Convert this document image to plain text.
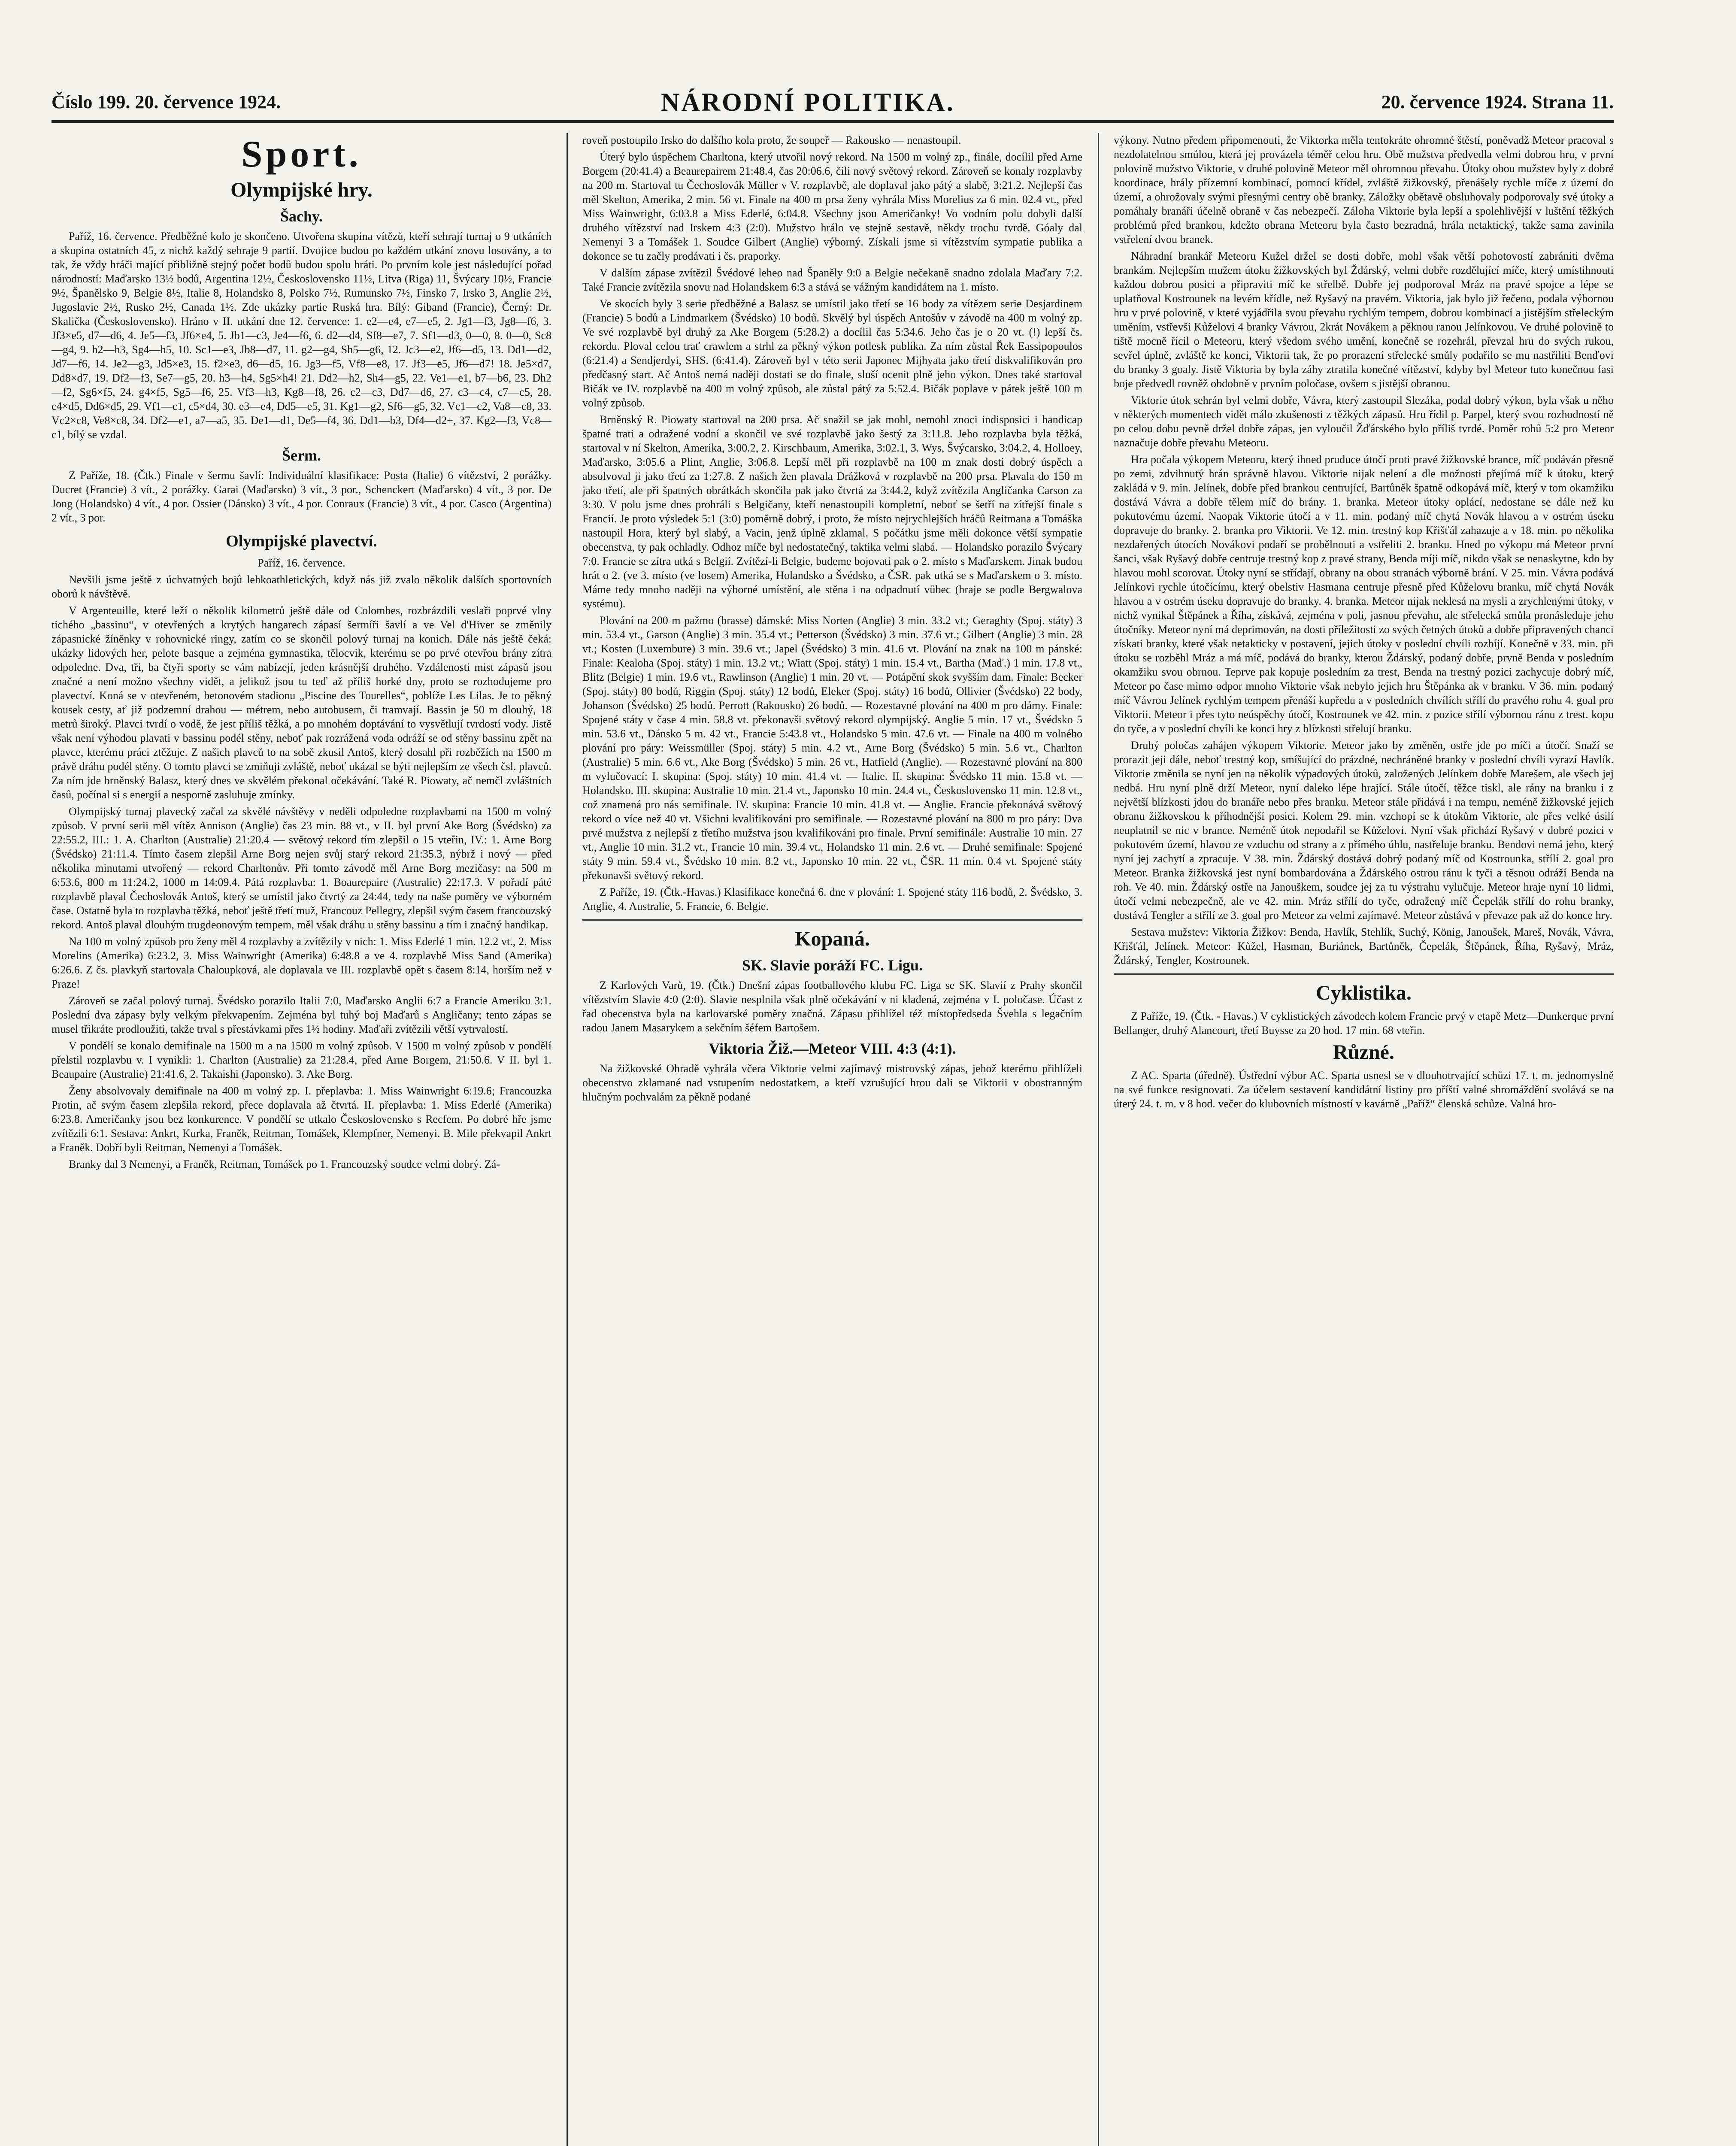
Číslo 199. 20. července 1924.	NÁRODNÍ POLITIKA.	20. července 1924. Strana 11.
Sport.
Olympijské hry.
Šachy.

Paříž, 16. července. Předběžné kolo je skončeno. Utvořena skupina vítězů, kteří sehrají turnaj o 9 utkáních a skupina ostatních 45, z nichž každý sehraje 9 partií. Dvojice budou po každém utkání znovu losovány, a to tak, že vždy hráči mající přibližně stejný počet bodů budou spolu hráti. Po prvním kole jest následující pořad národností: Maďarsko 13½ bodů, Argentina 12½, Československo 11½, Litva (Riga) 11, Švýcary 10½, Francie 9½, Španělsko 9, Belgie 8½, Italie 8, Holandsko 8, Polsko 7½, Rumunsko 7½, Finsko 7, Irsko 3, Anglie 2½, Jugoslavie 2½, Rusko 2½, Canada 1½. Zde ukázky partie Ruská hra. Bílý: Giband (Francie), Černý: Dr. Skalička (Československo). Hráno v II. utkání dne 12. července: 1. e2—e4, e7—e5, 2. Jg1—f3, Jg8—f6, 3. Jf3×e5, d7—d6, 4. Je5—f3, Jf6×e4, 5. Jb1—c3, Je4—f6, 6. d2—d4, Sf8—e7, 7. Sf1—d3, 0—0, 8. 0—0, Sc8—g4, 9. h2—h3, Sg4—h5, 10. Sc1—e3, Jb8—d7, 11. g2—g4, Sh5—g6, 12. Jc3—e2, Jf6—d5, 13. Dd1—d2, Jd7—f6, 14. Je2—g3, Jd5×e3, 15. f2×e3, d6—d5, 16. Jg3—f5, Vf8—e8, 17. Jf3—e5, Jf6—d7! 18. Je5×d7, Dd8×d7, 19. Df2—f3, Se7—g5, 20. h3—h4, Sg5×h4! 21. Dd2—h2, Sh4—g5, 22. Ve1—e1, b7—b6, 23. Dh2—f2, Sg6×f5, 24. g4×f5, Sg5—f6, 25. Vf3—h3, Kg8—f8, 26. c2—c3, Dd7—d6, 27. c3—c4, c7—c5, 28. c4×d5, Dd6×d5, 29. Vf1—c1, c5×d4, 30. e3—e4, Dd5—e5, 31. Kg1—g2, Sf6—g5, 32. Vc1—c2, Va8—c8, 33. Vc2×c8, Ve8×c8, 34. Df2—e1, a7—a5, 35. De1—d1, De5—f4, 36. Dd1—b3, Df4—d2+, 37. Kg2—f3, Vc8—c1, bílý se vzdal.

Šerm.

Z Paříže, 18. (Čtk.) Finale v šermu šavlí: Individuální klasifikace: Posta (Italie) 6 vítězství, 2 porážky. Ducret (Francie) 3 vít., 2 porážky. Garai (Maďarsko) 3 vít., 3 por., Schenckert (Maďarsko) 4 vít., 3 por. De Jong (Holandsko) 4 vít., 4 por. Ossier (Dánsko) 3 vít., 4 por. Conraux (Francie) 3 vít., 4 por. Casco (Argentina) 2 vít., 3 por.

Olympijské plavectví.

Paříž, 16. července.

Nevšili jsme ještě z úchvatných bojů lehkoathletických, když nás již zvalo několik dalších sportovních oborů k návštěvě.

V Argenteuille, které leží o několik kilometrů ještě dále od Colombes, rozbrázdili veslaři poprvé vlny tichého „bassinu“, v otevřených a krytých hangarech zápasí šermíři šavlí a ve Vel d'Hiver se změnily zápasnické žíněnky v rohovnické ringy, zatím co se skončil polový turnaj na konich. Dále nás ještě čeká: ukázky lidových her, pelote basque a zejména gymnastika, tělocvik, kterému se po prvé otevřou brány zítra odpoledne. Dva, tři, ba čtyři sporty se vám nabízejí, jeden krásnější druhého. Vzdálenosti mist zápasů jsou značné a není možno všechny vidět, a jelikož jsou tu teď až příliš horké dny, proto se rozhodujeme pro plavectví. Koná se v otevřeném, betonovém stadionu „Piscine des Tourelles“, poblíže Les Lilas. Je to pěkný kousek cesty, ať již podzemní drahou — métrem, nebo autobusem, či tramvají. Bassin je 50 m dlouhý, 18 metrů široký. Plavci tvrdí o vodě, že jest příliš těžká, a po mnohém doptávání to vysvětlují tvrdostí vody. Jistě však není výhodou plavati v bassinu podél stěny, neboť pak rozrážená voda odráží se od stěny bassinu zpět na plavce, kterému práci ztěžuje. Z našich plavců to na sobě zkusil Antoš, který dosahl při rozběžích na 1500 m právě dráhu podél stěny. O tomto plavci se zmiňuji zvláště, neboť ukázal se býti nejlepším ze všech čsl. plavců. Za ním jde brněnský Balasz, který dnes ve skvělém překonal očekávání. Také R. Piowaty, ač nemčl zvláštních časů, počínal si s energií a nesporně zasluhuje zmínky.

Olympijský turnaj plavecký začal za skvělé návštěvy v neděli odpoledne rozplavbami na 1500 m volný způsob. V první serii měl vítěz Annison (Anglie) čas 23 min. 88 vt., v II. byl první Ake Borg (Švédsko) za 22:55.2, III.: 1. A. Charlton (Australie) 21:20.4 — světový rekord tím zlepšil o 15 vteřin, IV.: 1. Arne Borg (Švédsko) 21:11.4. Tímto časem zlepšil Arne Borg nejen svůj starý rekord 21:35.3, nýbrž i nový — před několika minutami utvořený — rekord Charltonův. Při tomto závodě měl Arne Borg mezičasy: na 500 m 6:53.6, 800 m 11:24.2, 1000 m 14:09.4. Pátá rozplavba: 1. Boaurepaire (Australie) 22:17.3. V pořadí páté rozplavbě plaval Čechoslovák Antoš, který se umístil jako čtvrtý za 24:44, tedy na naše poměry ve výborném čase. Ostatně byla to rozplavba těžká, neboť ještě třetí muž, Francouz Pellegry, zlepšil svým časem francouzský rekord. Antoš plaval dlouhým trugdeonovým tempem, měl však dráhu u stěny bassinu a tím i značný handikap.

Na 100 m volný způsob pro ženy měl 4 rozplavby a zvítězily v nich: 1. Miss Ederlé 1 min. 12.2 vt., 2. Miss Morelins (Amerika) 6:23.2, 3. Miss Wainwright (Amerika) 6:48.8 a ve 4. rozplavbě Miss Sand (Amerika) 6:26.6. Z čs. plavkyň startovala Chaloupková, ale doplavala ve III. rozplavbě opět s časem 8:14, horším než v Praze!

Zároveň se začal polový turnaj. Švédsko porazilo Italii 7:0, Maďarsko Anglii 6:7 a Francie Ameriku 3:1. Poslední dva zápasy byly velkým překvapením. Zejména byl tuhý boj Maďarů s Angličany; tento zápas se musel třikráte prodloužiti, takže trval s přestávkami přes 1½ hodiny. Maďaři zvítězili větší vytrvalostí.

V pondělí se konalo demifinale na 1500 m a na 1500 m volný způsob. V 1500 m volný způsob v pondělí přelstil rozplavbu v. I vynikli: 1. Charlton (Australie) za 21:28.4, před Arne Borgem, 21:50.6. V II. byl 1. Beaupaire (Australie) 21:41.6, 2. Takaishi (Japonsko). 3. Ake Borg.

Ženy absolvovaly demifinale na 400 m volný zp. I. přeplavba: 1. Miss Wainwright 6:19.6; Francouzka Protin, ač svým časem zlepšila rekord, přece doplavala až čtvrtá. II. přeplavba: 1. Miss Ederlé (Amerika) 6:23.8. Američanky jsou bez konkurence. V pondělí se utkalo Československo s Recfem. Po dobré hře jsme zvítězili 6:1. Sestava: Ankrt, Kurka, Franěk, Reitman, Tomášek, Klempfner, Nemenyi. B. Mile překvapil Ankrt a Franěk. Dobří byli Reitman, Nemenyi a Tomášek.

Branky dal 3 Nemenyi, a Franěk, Reitman, Tomášek po 1. Francouzský soudce velmi dobrý. Zá-

roveň postoupilo Irsko do dalšího kola proto, že soupeř — Rakousko — nenastoupil.

Úterý bylo úspěchem Charltona, který utvořil nový rekord. Na 1500 m volný zp., finále, docílil před Arne Borgem (20:41.4) a Beaurepairem 21:48.4, čas 20:06.6, čili nový světový rekord. Zároveň se konaly rozplavby na 200 m. Startoval tu Čechoslovák Müller v V. rozplavbě, ale doplaval jako pátý a slabě, 3:21.2. Nejlepší čas měl Skelton, Amerika, 2 min. 56 vt. Finale na 400 m prsa ženy vyhrála Miss Morelius za 6 min. 02.4 vt., před Miss Wainwright, 6:03.8 a Miss Ederlé, 6:04.8. Všechny jsou Američanky! Vo vodním polu dobyli další druhého vítězství nad Irskem 4:3 (2:0). Mužstvo hrálo ve stejně sestavě, někdy trochu tvrdě. Góaly dal Nemenyi 3 a Tomášek 1. Soudce Gilbert (Anglie) výborný. Získali jsme si vítězstvím sympatie publika a dokonce se tu začly prodávati i čs. praporky.

V dalším zápase zvítězil Švédové leheo nad Španěly 9:0 a Belgie nečekaně snadno zdolala Maďary 7:2. Také Francie zvítězila snovu nad Holandskem 6:3 a stává se vážným kandidátem na 1. místo.

Ve skocích byly 3 serie předběžné a Balasz se umístil jako třetí se 16 body za vítězem serie Desjardinem (Francie) 5 bodů a Lindmarkem (Švédsko) 10 bodů. Skvělý byl úspěch Antošův v závodě na 400 m volný zp. Ve své rozplavbě byl druhý za Ake Borgem (5:28.2) a docílil čas 5:34.6. Jeho čas je o 20 vt. (!) lepší čs. rekordu. Ploval celou trať crawlem a strhl za pěkný výkon potlesk publika. Za ním zůstal Řek Eassipopoulos (6:21.4) a Sendjerdyi, SHS. (6:41.4). Zároveň byl v této serii Japonec Mijhyata jako třetí diskvalifikován pro předčasný start. Ač Antoš nemá naději dostati se do finale, sluší ocenit plně jeho výkon. Dnes také startoval Bičák ve IV. rozplavbě na 400 m volný způsob, ale zůstal pátý za 5:52.4. Bičák poplave v pátek ještě 100 m volný způsob.

Brněnský R. Piowaty startoval na 200 prsa. Ač snažil se jak mohl, nemohl znoci indisposici i handicap špatné trati a odražené vodní a skončil ve své rozplavbě jako šestý za 3:11.8. Jeho rozplavba byla těžká, startoval v ní Skelton, Amerika, 3:00.2, 2. Kirschbaum, Amerika, 3:02.1, 3. Wys, Švýcarsko, 3:04.2, 4. Holloey, Maďarsko, 3:05.6 a Plint, Anglie, 3:06.8. Lepší měl při rozplavbě na 100 m znak dosti dobrý úspěch a absolvoval ji jako třetí za 1:27.8. Z našich žen plavala Drážková v rozplavbě na 200 prsa. Plavala do 150 m jako třetí, ale při špatných obrátkách skončila pak jako čtvrtá za 3:44.2, když zvítězila Angličanka Carson za 3:30. V polu jsme dnes prohráli s Belgičany, kteří nenastoupili kompletní, neboť se šetří na zítřejší finale s Francií. Je proto výsledek 5:1 (3:0) poměrně dobrý, i proto, že místo nejrychlejších hráčů Reitmana a Tomáška nastoupil Hora, který byl slabý, a Vacin, jenž úplně zklamal. S počátku jsme měli dokonce větší sympatie obecenstva, ty pak ochladly. Odhoz míče byl nedostatečný, taktika velmi slabá. — Holandsko porazilo Švýcary 7:0. Francie se zítra utká s Belgií. Zvítězí-li Belgie, budeme bojovati pak o 2. místo s Maďarskem. Jinak budou hrát o 2. (ve 3. místo (ve losem) Amerika, Holandsko a Švédsko, a ČSR. pak utká se s Maďarskem o 3. místo. Máme tedy mnoho naději na výborné umístění, ale stěna i na odpadnutí vůbec (hraje se podle Bergwalova systému).

Plování na 200 m pažmo (brasse) dámské: Miss Norten (Anglie) 3 min. 33.2 vt.; Geraghty (Spoj. státy) 3 min. 53.4 vt., Garson (Anglie) 3 min. 35.4 vt.; Petterson (Švédsko) 3 min. 37.6 vt.; Gilbert (Anglie) 3 min. 28 vt.; Kosten (Luxembure) 3 min. 39.6 vt.; Japel (Švédsko) 3 min. 41.6 vt. Plování na znak na 100 m pánské: Finale: Kealoha (Spoj. státy) 1 min. 13.2 vt.; Wiatt (Spoj. státy) 1 min. 15.4 vt., Bartha (Maď.) 1 min. 17.8 vt., Blitz (Belgie) 1 min. 19.6 vt., Rawlinson (Anglie) 1 min. 20 vt. — Potápění skok svyšším dam. Finale: Becker (Spoj. státy) 80 bodů, Riggin (Spoj. státy) 12 bodů, Eleker (Spoj. státy) 16 bodů, Ollivier (Švédsko) 22 body, Johanson (Švédsko) 25 bodů. Perrott (Rakousko) 26 bodů. — Rozestavné plování na 400 m pro dámy. Finale: Spojené státy v čase 4 min. 58.8 vt. překonavši světový rekord olympijský. Anglie 5 min. 17 vt., Švédsko 5 min. 53.6 vt., Dánsko 5 m. 42 vt., Francie 5:43.8 vt., Holandsko 5 min. 47.6 vt. — Finale na 400 m volného plování pro páry: Weissmüller (Spoj. státy) 5 min. 4.2 vt., Arne Borg (Švédsko) 5 min. 5.6 vt., Charlton (Australie) 5 min. 6.6 vt., Ake Borg (Švédsko) 5 min. 26 vt., Hatfield (Anglie). — Rozestavné plování na 800 m vylučovací: I. skupina: (Spoj. státy) 10 min. 41.4 vt. — Italie. II. skupina: Švédsko 11 min. 15.8 vt. — Holandsko. III. skupina: Australie 10 min. 21.4 vt., Japonsko 10 min. 24.4 vt., Československo 11 min. 12.8 vt., což znamená pro nás semifinale. IV. skupina: Francie 10 min. 41.8 vt. — Anglie. Francie překonává světový rekord o více než 40 vt. Všichni kvalifikováni pro semifinale. — Rozestavné plování na 800 m pro páry: Dva prvé mužstva z nejlepší z třetího mužstva jsou kvalifikováni pro finale. První semifinále: Australie 10 min. 27 vt., Anglie 10 min. 31.2 vt., Francie 10 min. 39.4 vt., Holandsko 11 min. 2.6 vt. — Druhé semifinale: Spojené státy 9 min. 59.4 vt., Švédsko 10 min. 8.2 vt., Japonsko 10 min. 22 vt., ČSR. 11 min. 0.4 vt. Spojené státy překonavši světový rekord.

Z Paříže, 19. (Čtk.-Havas.) Klasifikace konečná 6. dne v plování: 1. Spojené státy 116 bodů, 2. Švédsko, 3. Anglie, 4. Australie, 5. Francie, 6. Belgie.

Kopaná.
SK. Slavie poráží FC. Ligu.

Z Karlových Varů, 19. (Čtk.) Dnešní zápas footballového klubu FC. Liga se SK. Slavií z Prahy skončil vítězstvím Slavie 4:0 (2:0). Slavie nesplnila však plně očekávání v ni kladená, zejména v I. poločase. Účast z řad obecenstva byla na karlovarské poměry značná. Zápasu přihlížel též místopředseda Švehla s legačním radou Janem Masarykem a sekčním šéfem Bartošem.

Viktoria Žiž.—Meteor VIII. 4:3 (4:1).

Na žižkovské Ohradě vyhrála včera Viktorie velmi zajímavý mistrovský zápas, jehož kterému přihlíželi obecenstvo zklamané nad vstupením nedostatkem, a kteří vzrušující hrou dali se Viktorii v obostranným hlučným pochvalám za pěkně podané

výkony. Nutno předem připomenouti, že Viktorka měla tentokráte ohromné štěstí, poněvadž Meteor pracoval s nezdolatelnou smůlou, která jej provázela téměř celou hru. Obě mužstva předvedla velmi dobrou hru, v první polovině mužstvo Viktorie, v druhé polovině Meteor měl ohromnou převahu. Útoky obou mužstev byly z dobré koordinace, hrály přízemní kombinací, pomocí křídel, zvláště žižkovský, přenášely rychle míče z území do území, a ohrožovaly svými přesnými centry obě branky. Záložky obětavě obsluhovaly podporovaly své útoky a pomáhaly branáři účelně obraně v čas nebezpečí. Záloha Viktorie byla lepší a spolehlivější v luštění těžkých problémů před brankou, kdežto obrana Meteoru byla často bezradná, hrála netaktický, takže sama zavinila vstřelení dvou branek.

Náhradní brankář Meteoru Kužel držel se dosti dobře, mohl však větší pohotovostí zabrániti dvěma brankám. Nejlepším mužem útoku žižkovských byl Ždárský, velmi dobře rozdělující míče, který umístihnouti každou dobrou posici a připraviti míč ke střelbě. Dobře jej podporoval Mráz na pravé spojce a lépe se uplatňoval Kostrounek na levém křídle, než Ryšavý na pravém. Viktoria, jak bylo již řečeno, podala výbornou hru v prvé polovině, v které vyjádřila svou převahu rychlým tempem, dobrou kombinací a jistějším střeleckým uměním, vstřevši Kůželovi 4 branky Vávrou, 2krát Novákem a pěknou ranou Jelínkovou. Ve druhé polovině to tiště mocně řícil o Meteoru, který všedom svého umění, konečně se rozehrál, převzal hru do svých rukou, sevřel úplně, zvláště ke konci, Viktorii tak, že po prorazení střelecké smůly podařilo se mu nastřiliti Benďovi do branky 3 goaly. Jistě Viktoria by byla záhy ztratila konečné vítězství, kdyby byl Meteor tuto konečnou fasi boje předvedl rovněž obdobně v prvním poločase, ovšem s jistější obranou.

Viktorie útok sehrán byl velmi dobře, Vávra, který zastoupil Slezáka, podal dobrý výkon, byla však u něho v některých momentech vidět málo zkušenosti z těžkých zápasů. Hru řídil p. Parpel, který svou rozhodností ně po celou dobu pevně držel dobře zápas, jen vyloučil Žďárského bylo příliš tvrdé. Poměr rohů 5:2 pro Meteor naznačuje dobře převahu Meteoru.

Hra počala výkopem Meteoru, který ihned pruduce útočí proti pravé žižkovské brance, míč podáván přesně po zemi, zdvihnutý hrán správně hlavou. Viktorie nijak nelení a dle možnosti přejímá míč k útoku, který zakládá v 9. min. Jelínek, dobře před brankou centrující, Bartůněk špatně odkopává míč, který v tom okamžiku dostává Vávra a dobře tělem míč do brány. 1. branka. Meteor útoky oplácí, nedostane se dále než ku pokutovému území. Naopak Viktorie útočí a v 11. min. podaný míč chytá Novák hlavou a v ostrém úseku dopravuje do branky. 2. branka pro Viktorii. Ve 12. min. trestný kop Křišťál zahazuje a v 18. min. po několika nezdařených útocích Novákovi podaří se probělnouti a vstřeliti 2. branku. Hned po výkopu má Meteor první šanci, však Ryšavý dobře centruje trestný kop z pravé strany, Benda míji míč, nikdo však se nenaskytne, kdo by hlavou mohl scorovat. Útoky nyní se střídají, obrany na obou stranách výborně brání. V 25. min. Vávra podává Jelínkovi rychle útočícímu, který obelstiv Hasmana centruje přesně před Kůželovu branku, míč chytá Novák hlavou a v ostrém úseku dopravuje do branky. 4. branka. Meteor nijak neklesá na mysli a zrychlenými útoky, v nichž vynikal Štěpánek a Říha, získává, zejména v poli, jasnou převahu, ale střelecká smůla pronásleduje jeho útočníky. Meteor nyní má deprimován, na dosti příležitosti zo svých četných útoků a dobře připravených chanci získati branky, které však netakticky v postavení, jejich útoky v poslední chvíli rozbíjí. Konečně v 33. min. při útoku se rozběhl Mráz a má míč, podává do branky, kterou Ždárský, podaný dobře, prvně Benda v posledním okamžiku svou obrnou. Teprve pak kopuje posledním za trest, Benda na trestný pozici zachycuje dobrý míč, Meteor po čase mimo odpor mnoho Viktorie však nebylo jejich hru Štěpánka ak v branku. V 36. min. podaný míč Vávrou Jelínek rychlým tempem přenáší kupředu a v posledních chvílích střílí do pravého rohu 4. goal pro Viktorii. Meteor i přes tyto neúspěchy útočí, Kostrounek ve 42. min. z pozice střílí výbornou ránu z trest. kopu do tyče, a v poslední chvíli ke konci hry z blízkosti střelují branku.

Druhý poločas zahájen výkopem Viktorie. Meteor jako by změněn, ostře jde po míči a útočí. Snaží se prorazit jeji dále, neboť trestný kop, smíšující do prázdné, nechráněné branky v poslední chvíli vyrazí Havlík. Viktorie změnila se nyní jen na několik výpadových útoků, založených Jelínkem dobře Marešem, ale všech jej nedbá. Hru nyní plně drží Meteor, nyní daleko lépe hrající. Stále útočí, těžce tiskl, ale rány na branku i z největší blízkosti jdou do branáře nebo přes branku. Meteor stále přidává i na tempu, neméně žižkovské jejich obranu žižkovskou k příhodnější posici. Kolem 29. min. vzchopí se k útokům Viktorie, ale přes velké úsilí neuplatnil se nic v brance. Neméně útok nepodařil se Kůželovi. Nyní však přichází Ryšavý v dobré pozici v pokutovém území, hlavou ze vzduchu od strany a z přímého úhlu, nastřeluje branku. Bendovi nemá jeho, který nyní jej zachytí a zpracuje. V 38. min. Ždárský dostává dobrý podaný míč od Kostrounka, střílí 2. goal pro Meteor. Branka žižkovská jest nyní bombardována a Ždárského ostrou ránu k tyči a těsnou odráží Benda na roh. Ve 40. min. Ždárský ostře na Janouškem, soudce jej za tu výstrahu vylučuje. Meteor hraje nyní 10 lidmi, útočí velmi nebezpečně, ale ve 42. min. Mráz střílí do tyče, odražený míč Čepelák střílí do rohu branky, dostává Tengler a střílí ze 3. goal pro Meteor za velmi zajímavé. Meteor zůstává v převaze pak až do konce hry.

Sestava mužstev: Viktoria Žižkov: Benda, Havlík, Stehlík, Suchý, König, Janoušek, Mareš, Novák, Vávra, Křišťál, Jelínek. Meteor: Kůžel, Hasman, Buriánek, Bartůněk, Čepelák, Štěpánek, Říha, Ryšavý, Mráz, Ždárský, Tengler, Kostrounek.

Cyklistika.

Z Paříže, 19. (Čtk. - Havas.) V cyklistických závodech kolem Francie prvý v etapě Metz—Dunkerque první Bellanger, druhý Alancourt, třetí Buysse za 20 hod. 17 min. 68 vteřin.

Různé.

Z AC. Sparta (úředně). Ústřední výbor AC. Sparta usnesl se v dlouhotrvající schůzi 17. t. m. jednomyslně na své funkce resignovati. Za účelem sestavení kandidátní listiny pro příští valné shromáždění svolává se na úterý 24. t. m. v 8 hod. večer do klubovních místností v kavárně „Paříž“ členská schůze. Valná hro-
